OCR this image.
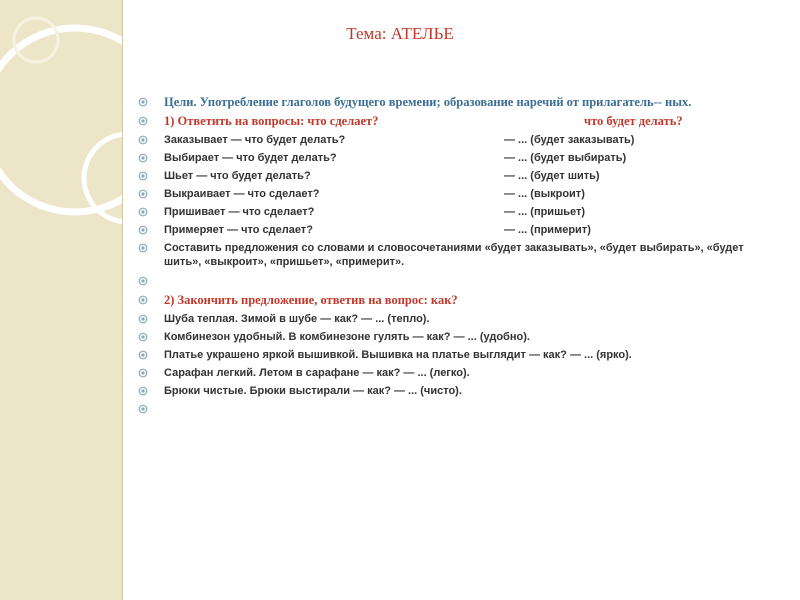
Тема: АТЕЛЬЕ
Цели. Употребление глаголов будущего времени; образование наречий от прилагатель-- ных.
1) Ответить на вопросы: что сделает?	что будет делать?
Заказывает — что будет делать?	— ... (будет заказывать)
Выбирает — что будет делать?	— ... (будет выбирать)
Шьет — что будет делать?	— ... (будет шить)
Выкраивает — что сделает?	— ... (выкроит)
Пришивает — что сделает?	— ... (пришьет)
Примеряет — что сделает?	— ... (примерит)
Составить предложения со словами и словосочетаниями «будет заказывать», «будет выбирать», «будет шить», «выкроит», «пришьет», «примерит».
2) Закончить предложение, ответив на вопрос: как?
Шуба теплая. Зимой в шубе — как? — ... (тепло).
Комбинезон удобный. В комбинезоне гулять — как? — ... (удобно).
Платье украшено яркой вышивкой. Вышивка на платье выглядит — как? — ... (ярко).
Сарафан легкий. Летом в сарафане — как? — ... (легко).
Брюки чистые. Брюки выстирали — как? — ... (чисто).
